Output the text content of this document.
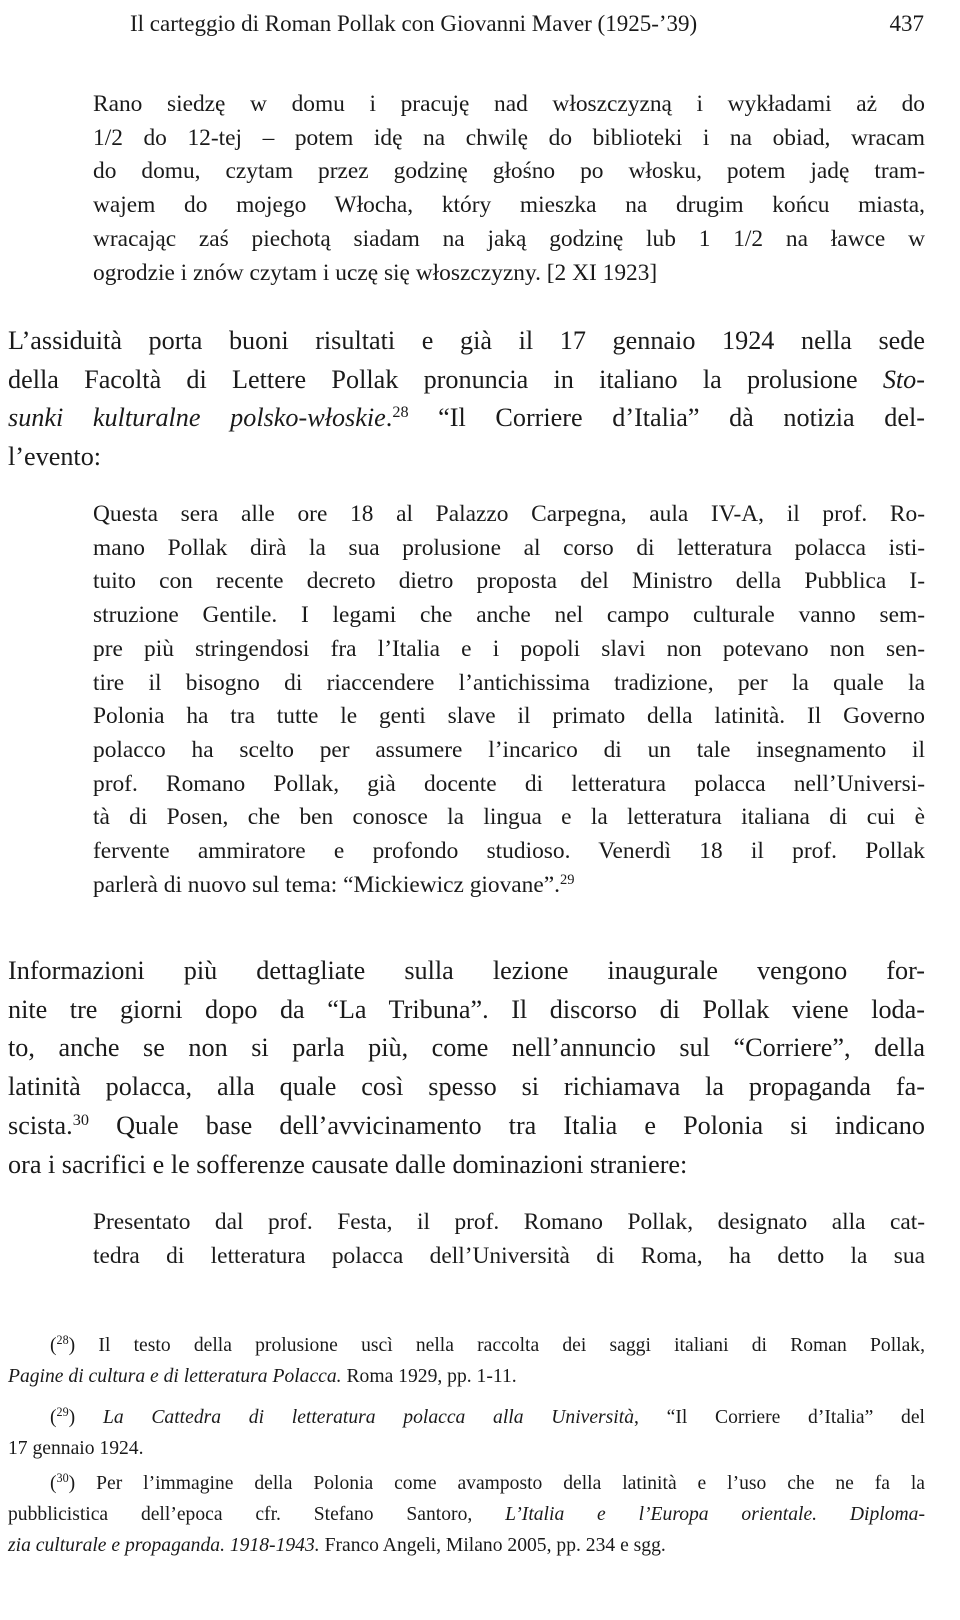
Il carteggio di Roman Pollak con Giovanni Maver (1925-’39)	437
Rano siedzę w domu i pracuję nad włoszczyzną i wykładami aż do
1/2 do 12-tej – potem idę na chwilę do biblioteki i na obiad, wracam
do domu, czytam przez godzinę głośno po włosku, potem jadę tram-
wajem do mojego Włocha, który mieszka na drugim końcu miasta,
wracając zaś piechotą siadam na jaką godzinę lub 1 1/2 na ławce w
ogrodzie i znów czytam i uczę się włoszczyzny. [2 XI 1923]
L’assiduità porta buoni risultati e già il 17 gennaio 1924 nella sede
della Facoltà di Lettere Pollak pronuncia in italiano la prolusione Sto-
sunki kulturalne polsko-włoskie.$^{28}$ “Il Corriere d’Italia” dà notizia del-
l’evento:
Questa sera alle ore 18 al Palazzo Carpegna, aula IV-A, il prof. Ro-
mano Pollak dirà la sua prolusione al corso di letteratura polacca isti-
tuito con recente decreto dietro proposta del Ministro della Pubblica I-
struzione Gentile. I legami che anche nel campo culturale vanno sem-
pre più stringendosi fra l’Italia e i popoli slavi non potevano non sen-
tire il bisogno di riaccendere l’antichissima tradizione, per la quale la
Polonia ha tra tutte le genti slave il primato della latinità. Il Governo
polacco ha scelto per assumere l’incarico di un tale insegnamento il
prof. Romano Pollak, già docente di letteratura polacca nell’Universi-
tà di Posen, che ben conosce la lingua e la letteratura italiana di cui è
fervente ammiratore e profondo studioso. Venerdì 18 il prof. Pollak
parlerà di nuovo sul tema: “Mickiewicz giovane”.$^{29}$
Informazioni più dettagliate sulla lezione inaugurale vengono for-
nite tre giorni dopo da “La Tribuna”. Il discorso di Pollak viene loda-
to, anche se non si parla più, come nell’annuncio sul “Corriere”, della
latinità polacca, alla quale così spesso si richiamava la propaganda fa-
scista.$^{30}$ Quale base dell’avvicinamento tra Italia e Polonia si indicano
ora i sacrifici e le sofferenze causate dalle dominazioni straniere:
Presentato dal prof. Festa, il prof. Romano Pollak, designato alla cat-
tedra di letteratura polacca dell’Università di Roma, ha detto la sua
($^{28}$) Il testo della prolusione uscì nella raccolta dei saggi italiani di Roman Pollak,
Pagine di cultura e di letteratura Polacca. Roma 1929, pp. 1-11.
($^{29}$) La Cattedra di letteratura polacca alla Università, “Il Corriere d’Italia” del
17 gennaio 1924.
($^{30}$) Per l’immagine della Polonia come avamposto della latinità e l’uso che ne fa la
pubblicistica dell’epoca cfr. Stefano Santoro, L’Italia e l’Europa orientale. Diploma-
zia culturale e propaganda. 1918-1943. Franco Angeli, Milano 2005, pp. 234 e sgg.
